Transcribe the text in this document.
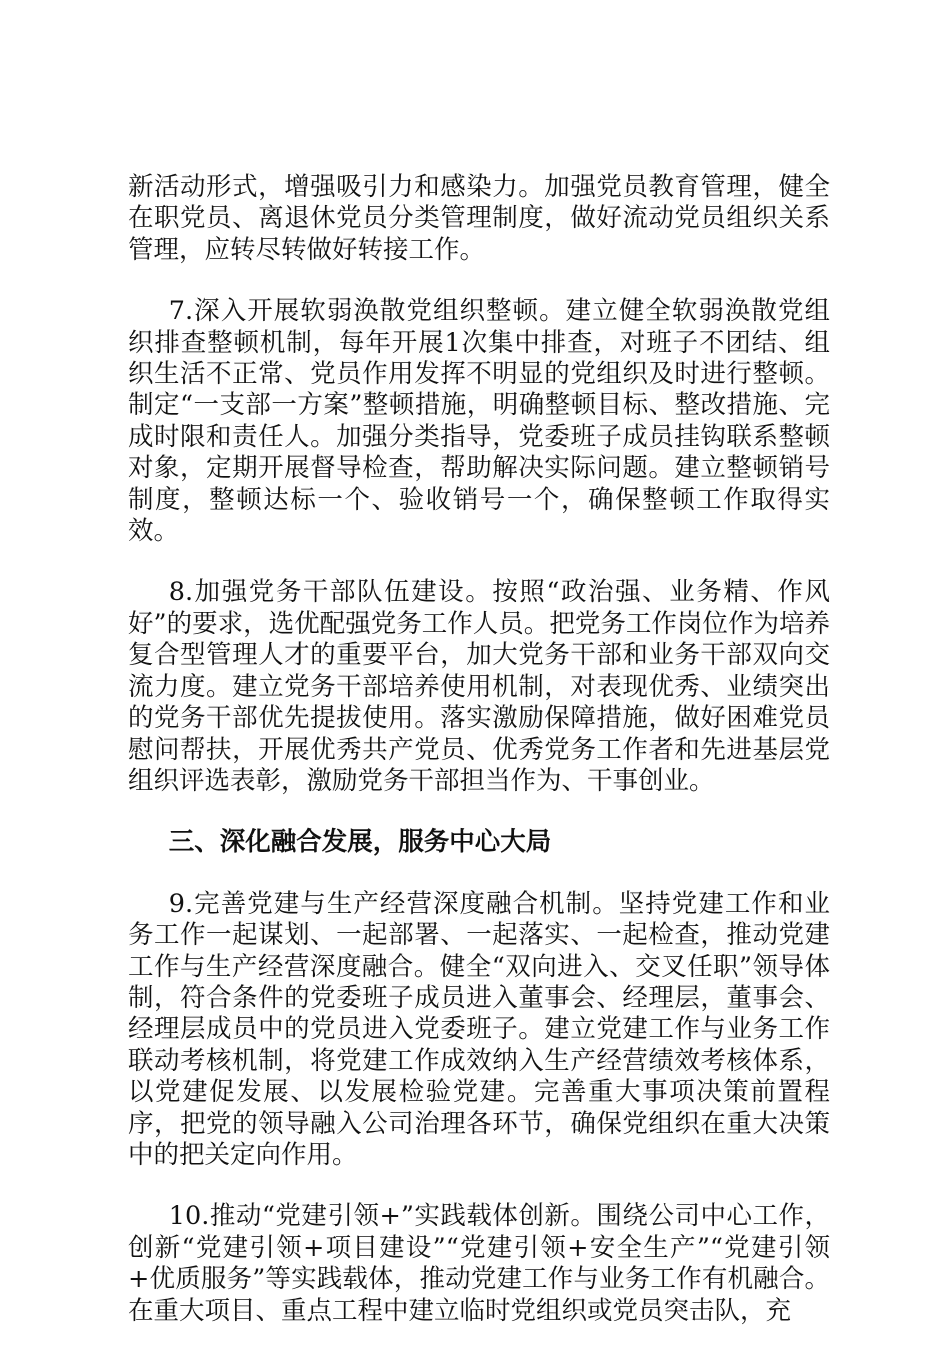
新活动形式，增强吸引力和感染力。加强党员教育管理，健全在职党员、离退休党员分类管理制度，做好流动党员组织关系管理，应转尽转做好转接工作。

7.深入开展软弱涣散党组织整顿。建立健全软弱涣散党组织排查整顿机制，每年开展1次集中排查，对班子不团结、组织生活不正常、党员作用发挥不明显的党组织及时进行整顿。制定“一支部一方案”整顿措施，明确整顿目标、整改措施、完成时限和责任人。加强分类指导，党委班子成员挂钩联系整顿对象，定期开展督导检查，帮助解决实际问题。建立整顿销号制度，整顿达标一个、验收销号一个，确保整顿工作取得实效。

8.加强党务干部队伍建设。按照“政治强、业务精、作风好”的要求，选优配强党务工作人员。把党务工作岗位作为培养复合型管理人才的重要平台，加大党务干部和业务干部双向交流力度。建立党务干部培养使用机制，对表现优秀、业绩突出的党务干部优先提拔使用。落实激励保障措施，做好困难党员慰问帮扶，开展优秀共产党员、优秀党务工作者和先进基层党组织评选表彰，激励党务干部担当作为、干事创业。

三、深化融合发展，服务中心大局

9.完善党建与生产经营深度融合机制。坚持党建工作和业务工作一起谋划、一起部署、一起落实、一起检查，推动党建工作与生产经营深度融合。健全“双向进入、交叉任职”领导体制，符合条件的党委班子成员进入董事会、经理层，董事会、经理层成员中的党员进入党委班子。建立党建工作与业务工作联动考核机制，将党建工作成效纳入生产经营绩效考核体系，以党建促发展、以发展检验党建。完善重大事项决策前置程序，把党的领导融入公司治理各环节，确保党组织在重大决策中的把关定向作用。

10.推动“党建引领+”实践载体创新。围绕公司中心工作，创新“党建引领+项目建设”“党建引领+安全生产”“党建引领+优质服务”等实践载体，推动党建工作与业务工作有机融合。在重大项目、重点工程中建立临时党组织或党员突击队，充
